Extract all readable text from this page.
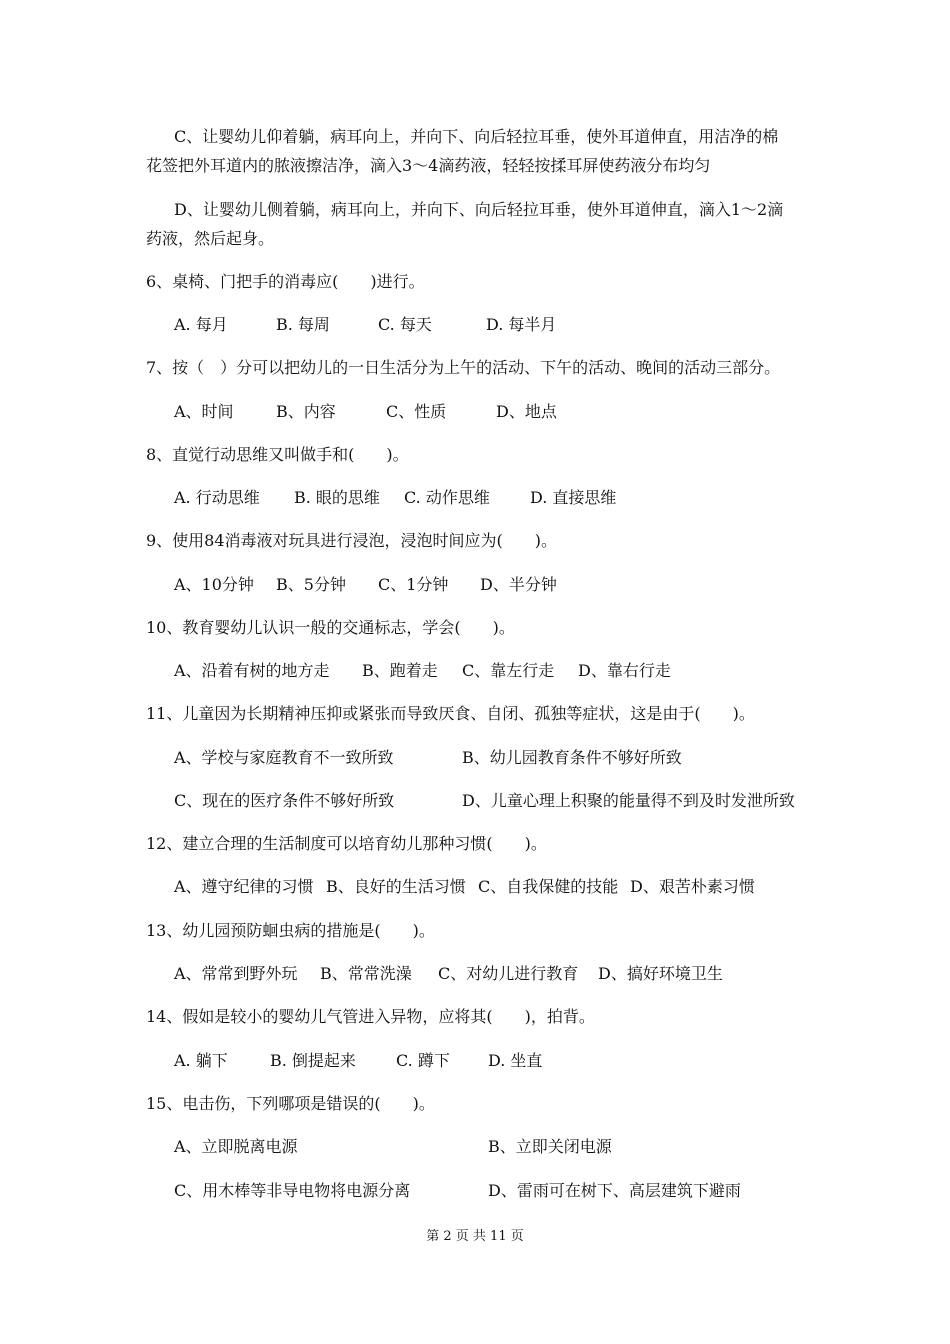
C、让婴幼儿仰着躺，病耳向上，并向下、向后轻拉耳垂，使外耳道伸直，用洁净的棉
花签把外耳道内的脓液擦洁净，滴入3～4滴药液，轻轻按揉耳屏使药液分布均匀
D、让婴幼儿侧着躺，病耳向上，并向下、向后轻拉耳垂，使外耳道伸直，滴入1～2滴
药液，然后起身。
6、桌椅、门把手的消毒应(　　)进行。
A. 每月	B. 每周	C. 每天	D. 每半月
7、按（　）分可以把幼儿的一日生活分为上午的活动、下午的活动、晚间的活动三部分。
A、时间	B、内容	C、性质	D、地点
8、直觉行动思维又叫做手和(　　)。
A. 行动思维 B. 眼的思维 C. 动作思维	D. 直接思维
9、使用84消毒液对玩具进行浸泡，浸泡时间应为(　　)。
A、10分钟 B、5分钟 C、1分钟 D、半分钟
10、教育婴幼儿认识一般的交通标志，学会(　　)。
A、沿着有树的地方走 B、跑着走 C、靠左行走 D、靠右行走
11、儿童因为长期精神压抑或紧张而导致厌食、自闭、孤独等症状，这是由于(　　)。
A、学校与家庭教育不一致所致	B、幼儿园教育条件不够好所致
C、现在的医疗条件不够好所致	D、儿童心理上积聚的能量得不到及时发泄所致
12、建立合理的生活制度可以培育幼儿那种习惯(　　)。
A、遵守纪律的习惯 B、良好的生活习惯 C、自我保健的技能 D、艰苦朴素习惯
13、幼儿园预防蛔虫病的措施是(　　)。
A、常常到野外玩 B、常常洗澡 C、对幼儿进行教育 D、搞好环境卫生
14、假如是较小的婴幼儿气管进入异物，应将其(　　)，拍背。
A. 躺下	B. 倒提起来	C. 蹲下 D. 坐直
15、电击伤，下列哪项是错误的(　　)。
A、立即脱离电源	B、立即关闭电源
C、用木棒等非导电物将电源分离	D、雷雨可在树下、高层建筑下避雨
第 2 页 共 11 页
